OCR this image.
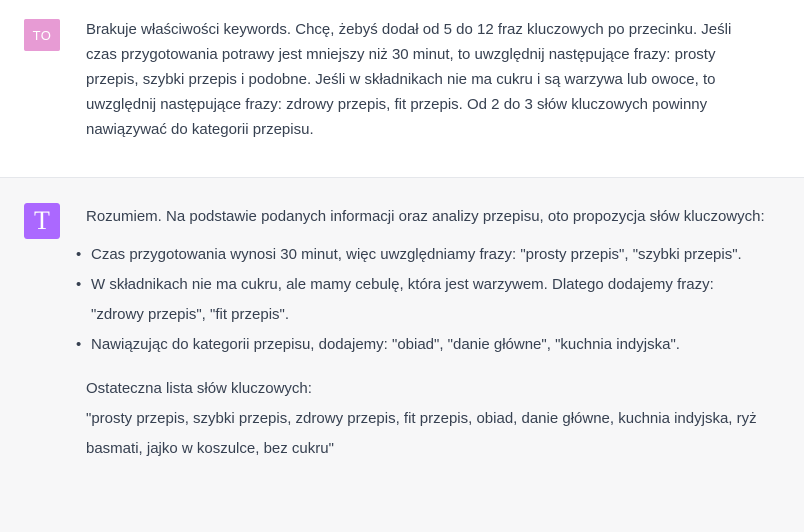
TO	Brakuje właściwości keywords. Chcę, żebyś dodał od 5 do 12 fraz kluczowych po przecinku. Jeśli czas przygotowania potrawy jest mniejszy niż 30 minut, to uwzględnij następujące frazy: prosty przepis, szybki przepis i podobne. Jeśli w składnikach nie ma cukru i są warzywa lub owoce, to uwzględnij następujące frazy: zdrowy przepis, fit przepis. Od 2 do 3 słów kluczowych powinny nawiązywać do kategorii przepisu.
T	Rozumiem. Na podstawie podanych informacji oraz analizy przepisu, oto propozycja słów kluczowych:
• Czas przygotowania wynosi 30 minut, więc uwzględniamy frazy: "prosty przepis", "szybki przepis".
• W składnikach nie ma cukru, ale mamy cebulę, która jest warzywem. Dlatego dodajemy frazy: "zdrowy przepis", "fit przepis".
• Nawiązując do kategorii przepisu, dodajemy: "obiad", "danie główne", "kuchnia indyjska".
Ostateczna lista słów kluczowych:
"prosty przepis, szybki przepis, zdrowy przepis, fit przepis, obiad, danie główne, kuchnia indyjska, ryż basmati, jajko w koszulce, bez cukru"
